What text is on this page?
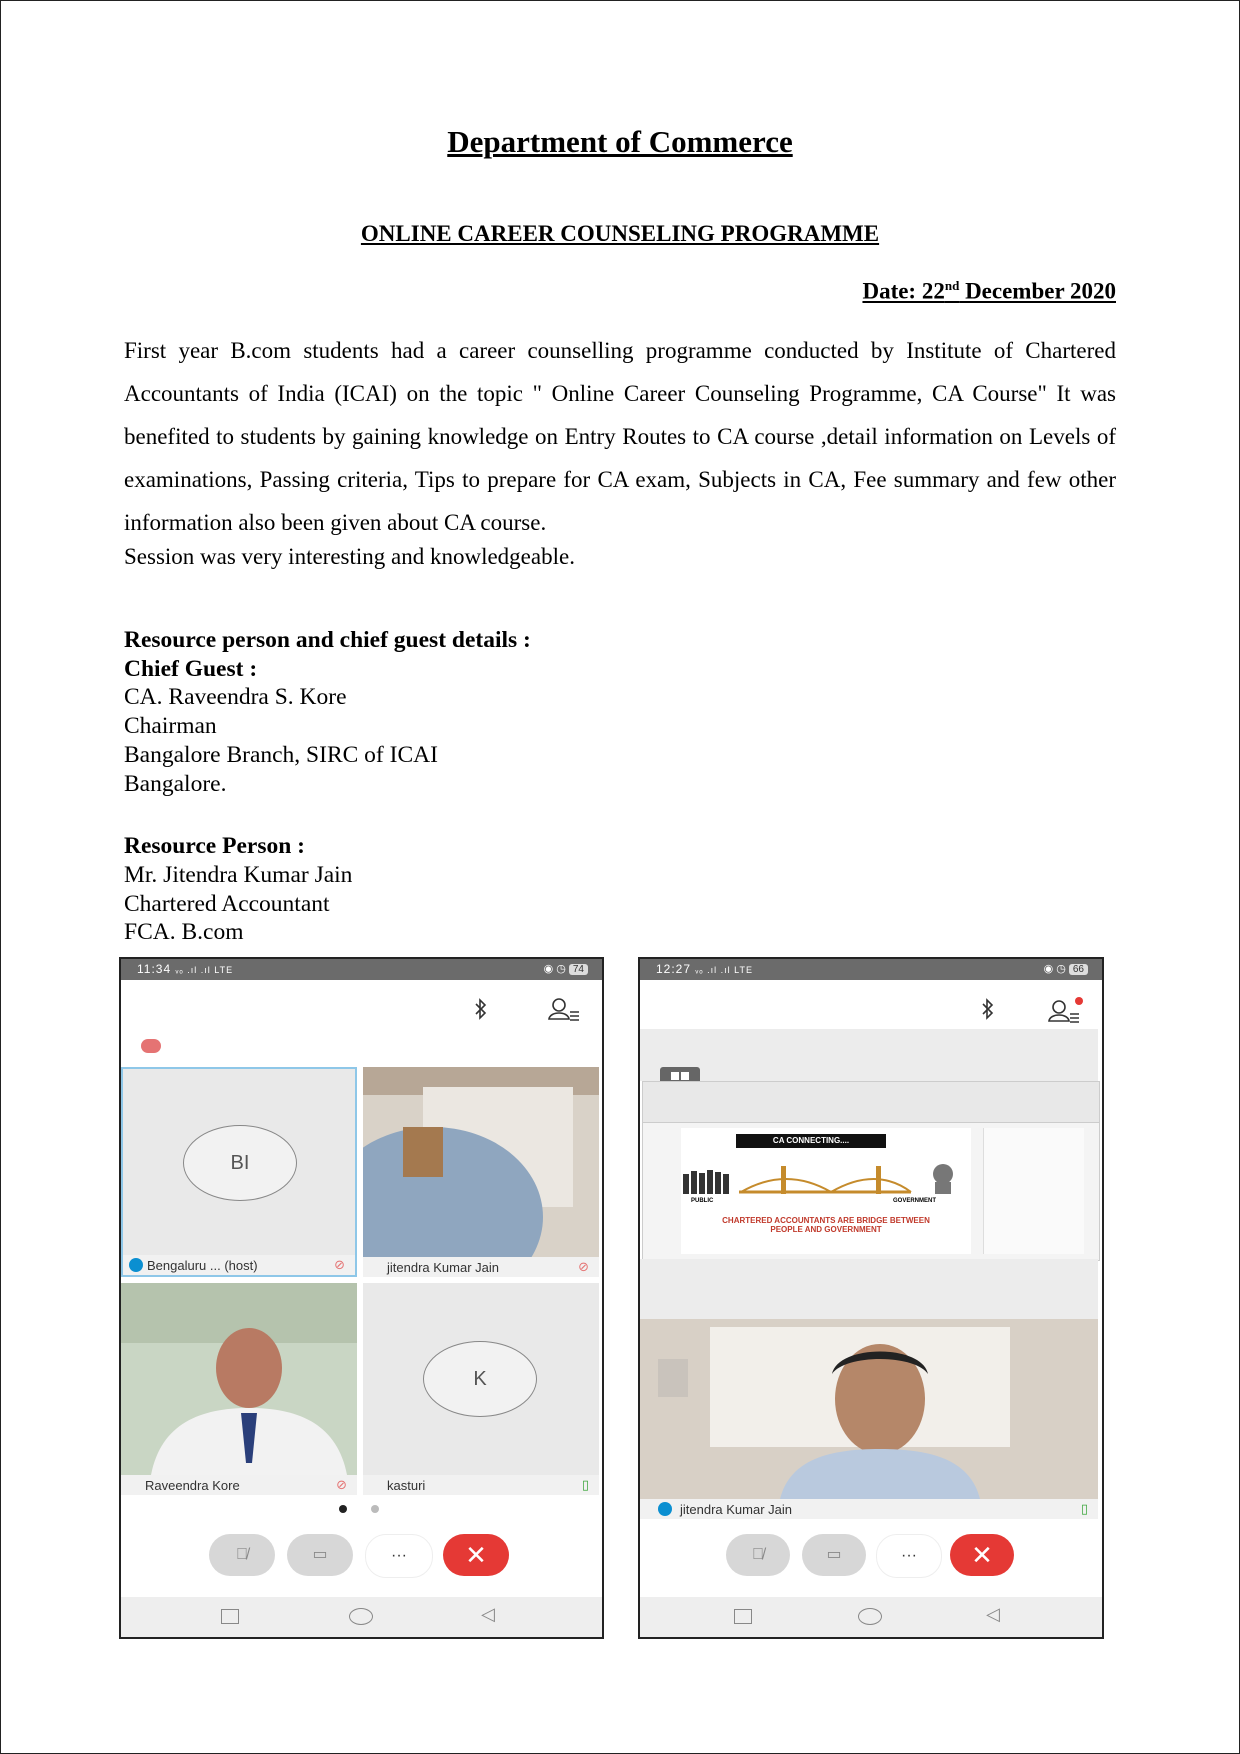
Department of Commerce
ONLINE CAREER COUNSELING PROGRAMME
Date: 22nd December 2020
First year B.com students had a career counselling programme conducted by Institute of Chartered Accountants of India (ICAI) on the topic " Online Career Counseling Programme, CA Course" It was benefited to students by gaining knowledge on Entry Routes to CA course ,detail information on Levels of examinations, Passing criteria, Tips to prepare for CA exam, Subjects in CA, Fee summary and few other information also been given about CA course.
Session was very interesting and knowledgeable.
Resource person and chief guest details :
Chief Guest :
CA. Raveendra S. Kore
Chairman
Bangalore Branch, SIRC of ICAI
Bangalore.
Resource Person :
Mr. Jitendra Kumar Jain
Chartered Accountant
FCA. B.com
11:34 ᵥₒ .ıl .ıl LTE	◉ ◷ 74
BI
Bengaluru ... (host)	⊘	jitendra Kumar Jain	⊘
Raveendra Kore	⊘
K
kasturi	▯
🎙̸	▭	···	✕
◁
12:27 ᵥₒ .ıl .ıl LTE	◉ ◷ 66
CA CONNECTING....
PUBLIC	GOVERNMENT
CHARTERED ACCOUNTANTS ARE BRIDGE BETWEEN PEOPLE AND GOVERNMENT
jitendra Kumar Jain	▯
🎙̸	▭	···	✕
◁
